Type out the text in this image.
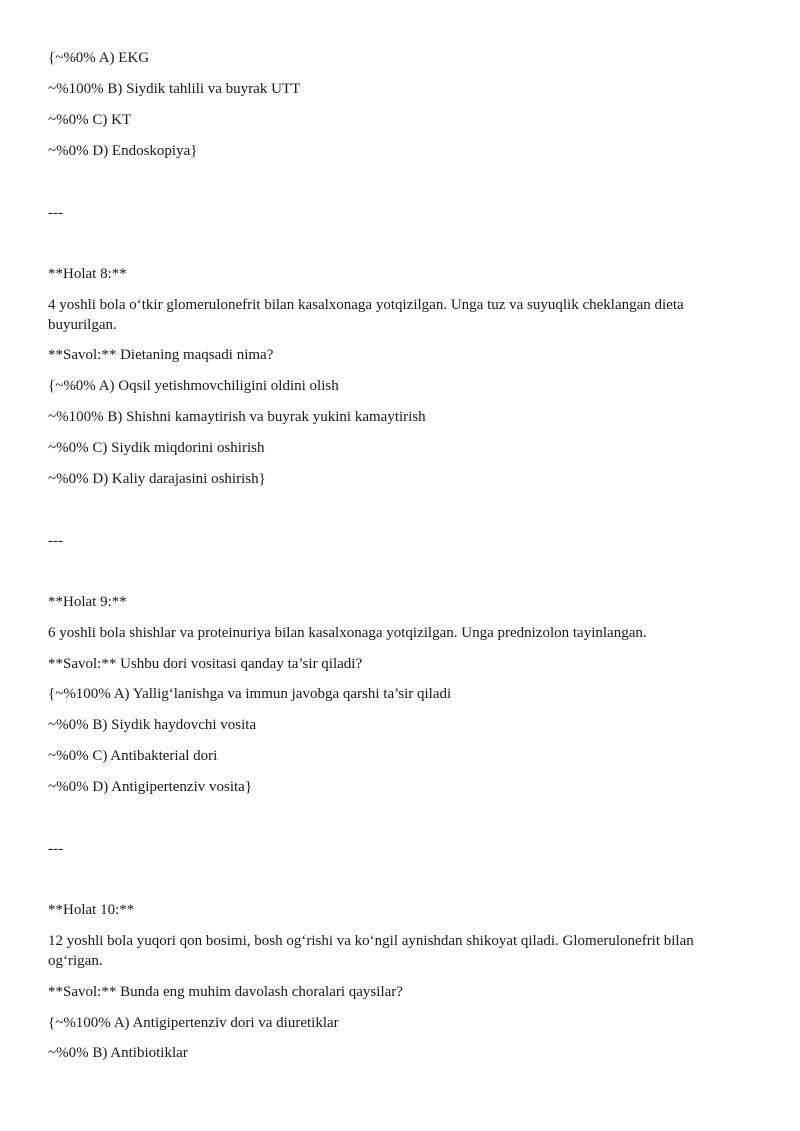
{~%0% A) EKG
~%100% B) Siydik tahlili va buyrak UTT
~%0% C) KT
~%0% D) Endoskopiya}
---
**Holat 8:**
4 yoshli bola o‘tkir glomerulonefrit bilan kasalxonaga yotqizilgan. Unga tuz va suyuqlik cheklangan dieta buyurilgan.
**Savol:** Dietaning maqsadi nima?
{~%0% A) Oqsil yetishmovchiligini oldini olish
~%100% B) Shishni kamaytirish va buyrak yukini kamaytirish
~%0% C) Siydik miqdorini oshirish
~%0% D) Kaliy darajasini oshirish}
---
**Holat 9:**
6 yoshli bola shishlar va proteinuriya bilan kasalxonaga yotqizilgan. Unga prednizolon tayinlangan.
**Savol:** Ushbu dori vositasi qanday ta’sir qiladi?
{~%100% A) Yallig‘lanishga va immun javobga qarshi ta’sir qiladi
~%0% B) Siydik haydovchi vosita
~%0% C) Antibakterial dori
~%0% D) Antigipertenziv vosita}
---
**Holat 10:**
12 yoshli bola yuqori qon bosimi, bosh og‘rishi va ko‘ngil aynishdan shikoyat qiladi. Glomerulonefrit bilan og‘rigan.
**Savol:** Bunda eng muhim davolash choralari qaysilar?
{~%100% A) Antigipertenziv dori va diuretiklar
~%0% B) Antibiotiklar
